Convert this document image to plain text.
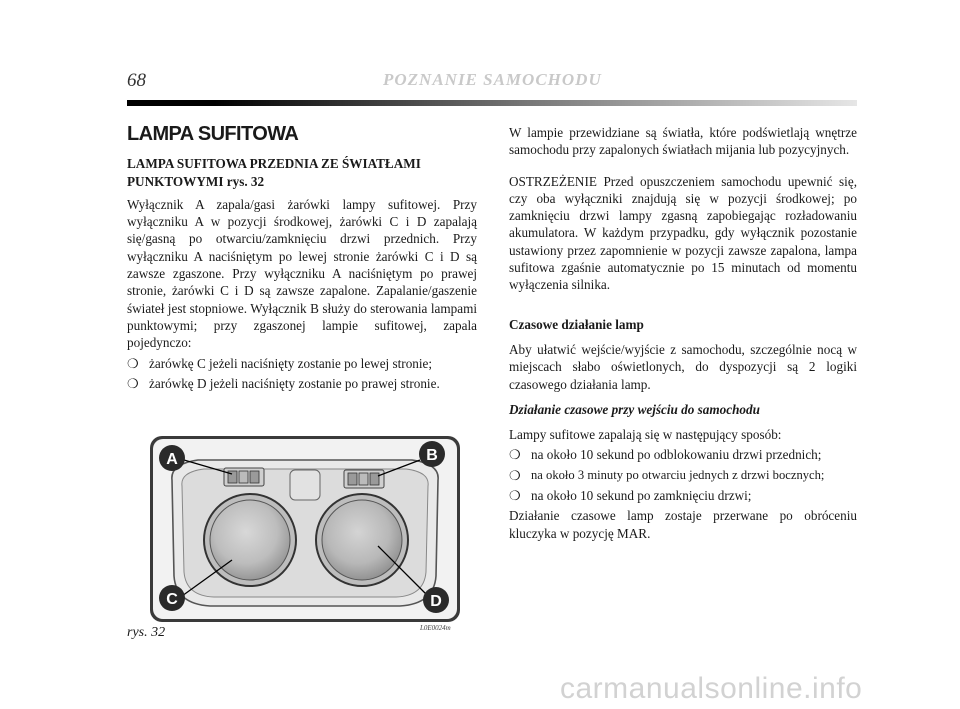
68	POZNANIE SAMOCHODU
LAMPA SUFITOWA
LAMPA SUFITOWA PRZEDNIA ZE ŚWIATŁAMI PUNKTOWYMI rys. 32

Wyłącznik A zapala/gasi żarówki lampy sufitowej. Przy wyłączniku A w pozycji środkowej, żarówki C i D zapalają się/gasną po otwarciu/zamknięciu drzwi przednich. Przy wyłączniku A naciśniętym po lewej stronie żarówki C i D są zawsze zgaszone. Przy wyłączniku A naciśniętym po prawej stronie, żarówki C i D są zawsze zapalone. Zapalanie/gaszenie świateł jest stopniowe. Wyłącznik B służy do sterowania lampami punktowymi; przy zgaszonej lampie sufitowej, zapala pojedynczo:

❍ żarówkę C jeżeli naciśnięty zostanie po lewej stronie;
❍ żarówkę D jeżeli naciśnięty zostanie po prawej stronie.

W lampie przewidziane są światła, które podświetlają wnętrze samochodu przy zapalonych światłach mijania lub pozycyjnych.

OSTRZEŻENIE Przed opuszczeniem samochodu upewnić się, czy oba wyłączniki znajdują się w pozycji środkowej; po zamknięciu drzwi lampy zgasną zapobiegając rozładowaniu akumulatora. W każdym przypadku, gdy wyłącznik pozostanie ustawiony przez zapomnienie w pozycji zawsze zapalona, lampa sufitowa zgaśnie automatycznie po 15 minutach od momentu wyłączenia silnika.

Czasowe działanie lamp

Aby ułatwić wejście/wyjście z samochodu, szczególnie nocą w miejscach słabo oświetlonych, do dyspozycji są 2 logiki czasowego działania lamp.

Działanie czasowe przy wejściu do samochodu

Lampy sufitowe zapalają się w następujący sposób:

❍ na około 10 sekund po odblokowaniu drzwi przednich;
❍ na około 3 minuty po otwarciu jednych z drzwi bocznych;
❍ na około 10 sekund po zamknięciu drzwi;

Działanie czasowe lamp zostaje przerwane po obróceniu kluczyka w pozycję MAR.

A	B
C	D
rys. 32	L0E0024m
carmanualsonline.info
